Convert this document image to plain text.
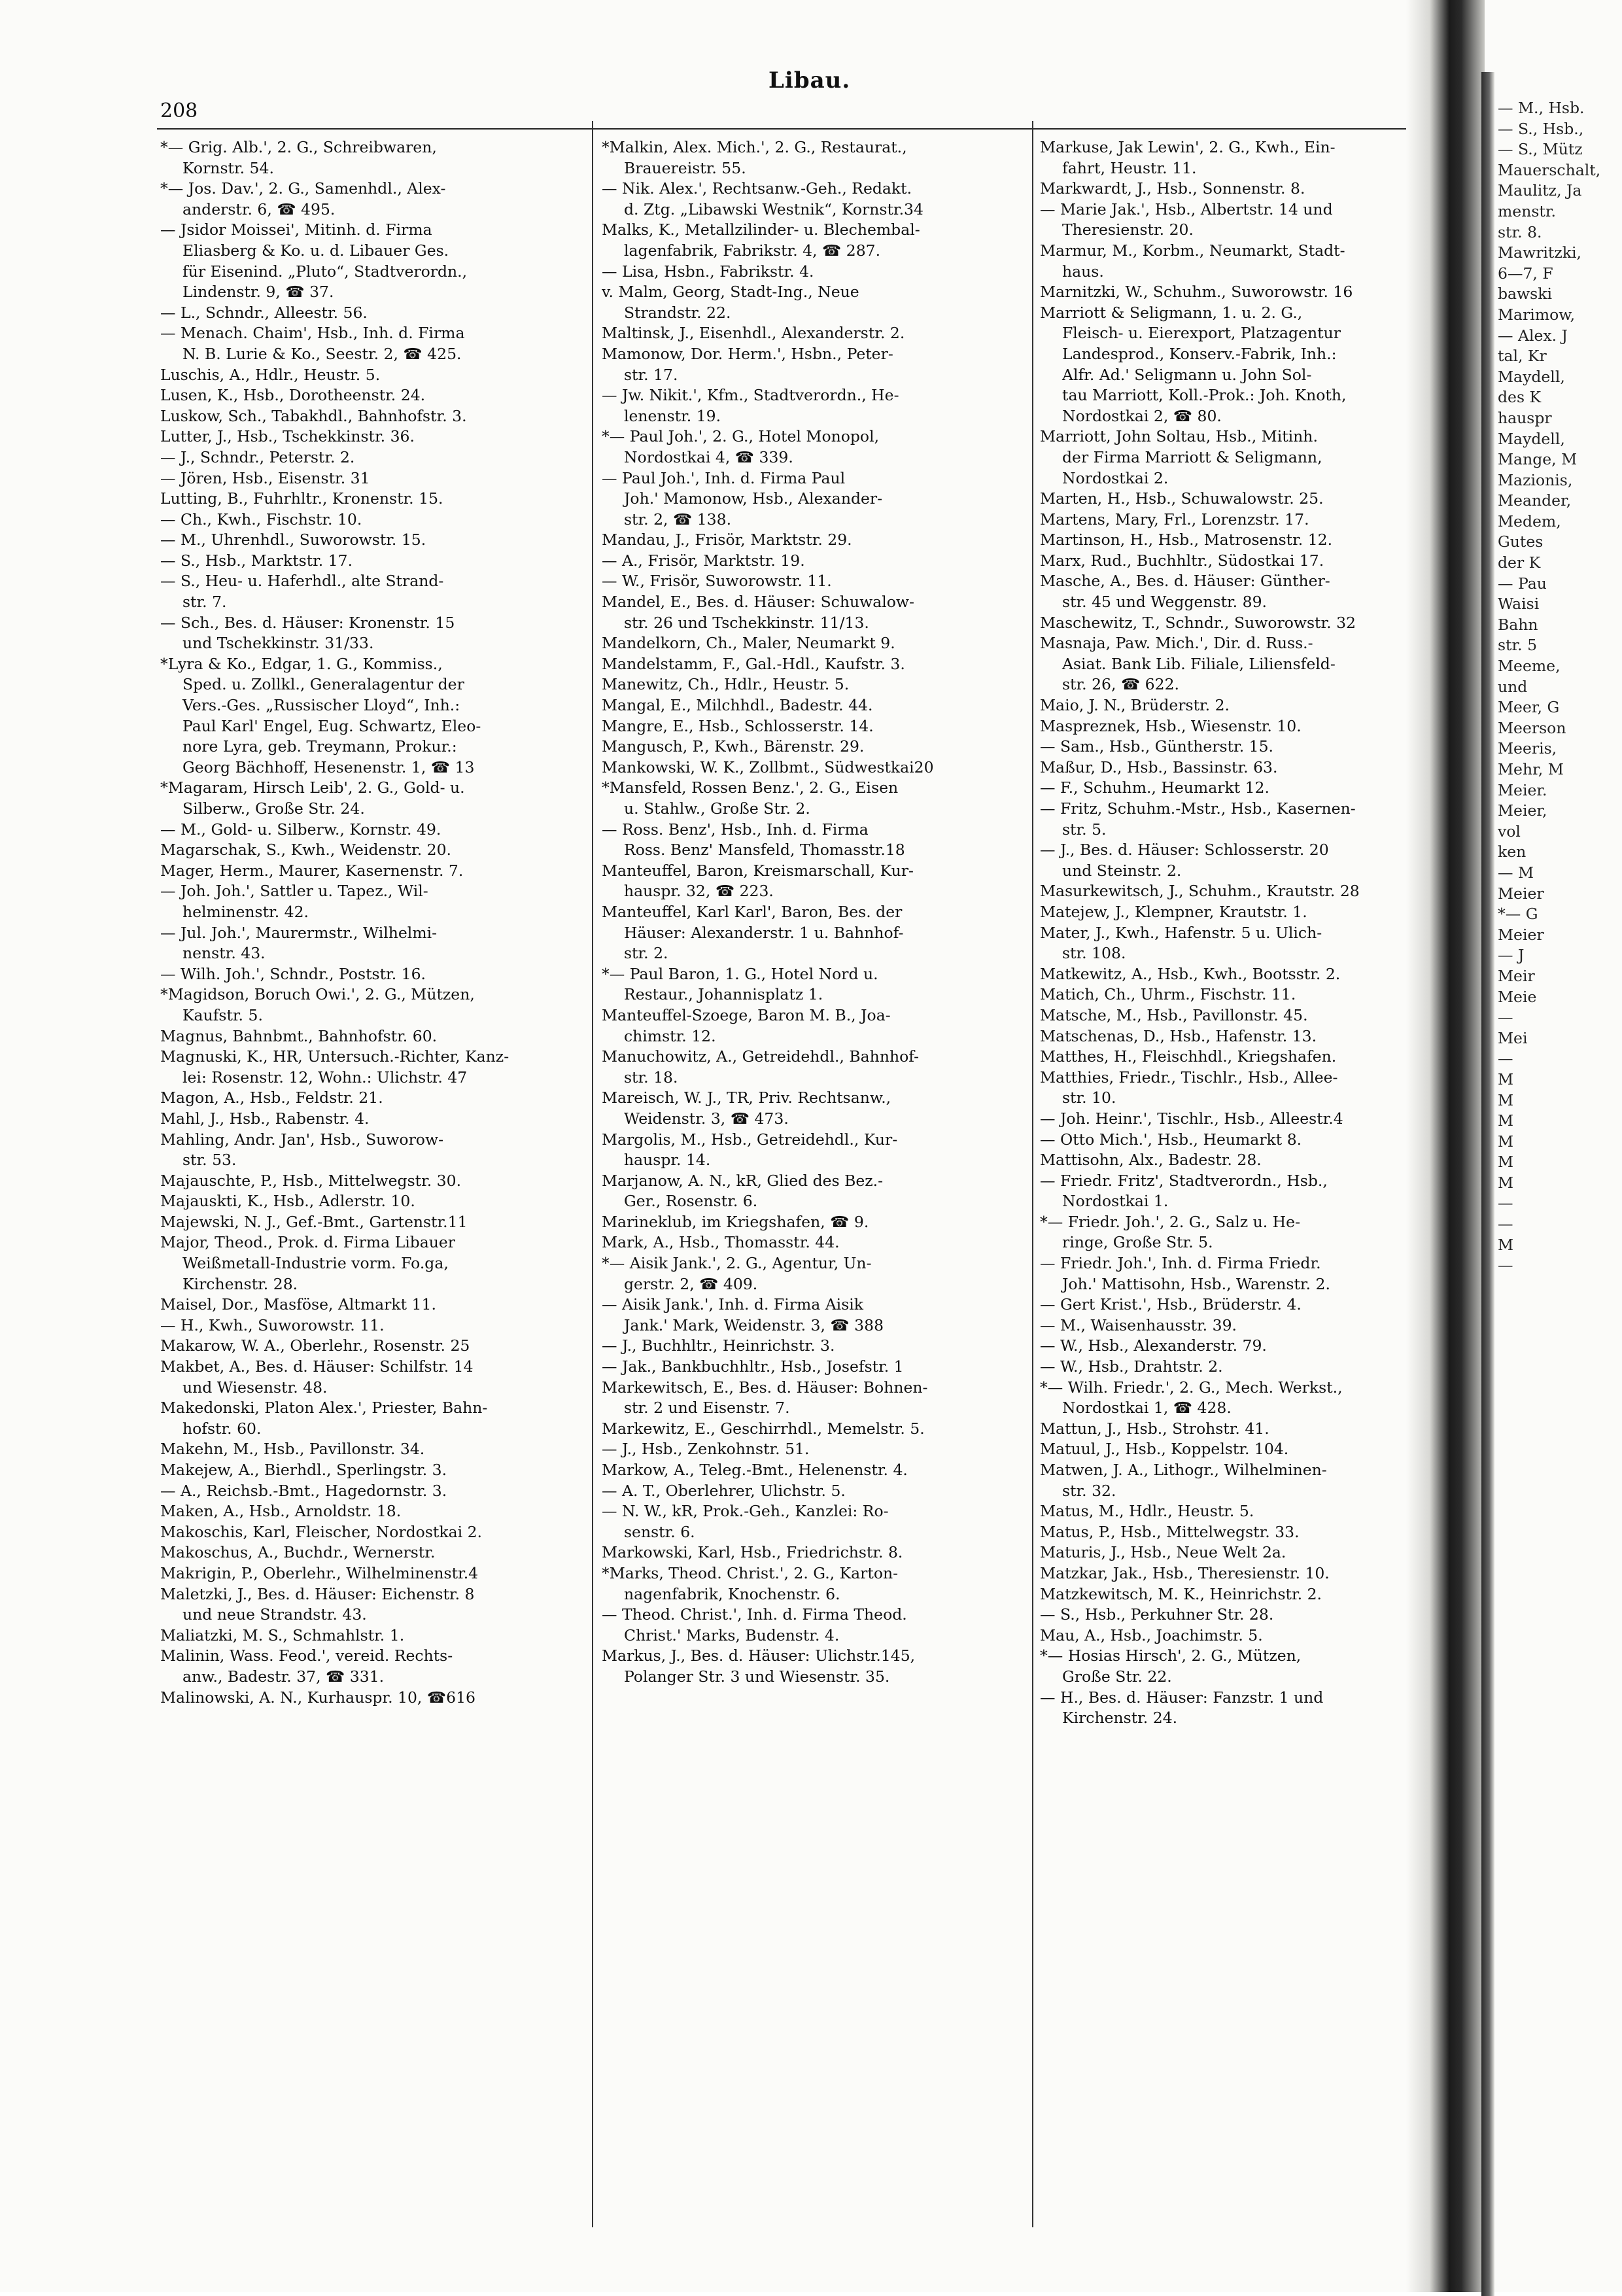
Libau.
208
*— Grig. Alb.', 2. G., Schreibwaren,
Kornstr. 54.
*— Jos. Dav.', 2. G., Samenhdl., Alex-
anderstr. 6, ☎ 495.
— Jsidor Moissei', Mitinh. d. Firma
Eliasberg & Ko. u. d. Libauer Ges.
für Eisenind. „Pluto“, Stadtverordn.,
Lindenstr. 9, ☎ 37.
— L., Schndr., Alleestr. 56.
— Menach. Chaim', Hsb., Inh. d. Firma
N. B. Lurie & Ko., Seestr. 2, ☎ 425.
Luschis, A., Hdlr., Heustr. 5.
Lusen, K., Hsb., Dorotheenstr. 24.
Luskow, Sch., Tabakhdl., Bahnhofstr. 3.
Lutter, J., Hsb., Tschekkinstr. 36.
— J., Schndr., Peterstr. 2.
— Jören, Hsb., Eisenstr. 31
Lutting, B., Fuhrhltr., Kronenstr. 15.
— Ch., Kwh., Fischstr. 10.
— M., Uhrenhdl., Suworowstr. 15.
— S., Hsb., Marktstr. 17.
— S., Heu- u. Haferhdl., alte Strand-
str. 7.
— Sch., Bes. d. Häuser: Kronenstr. 15
und Tschekkinstr. 31/33.
*Lyra & Ko., Edgar, 1. G., Kommiss.,
Sped. u. Zollkl., Generalagentur der
Vers.-Ges. „Russischer Lloyd“, Inh.:
Paul Karl' Engel, Eug. Schwartz, Eleo-
nore Lyra, geb. Treymann, Prokur.:
Georg Bächhoff, Hesenenstr. 1, ☎ 13
*Magaram, Hirsch Leib', 2. G., Gold- u.
Silberw., Große Str. 24.
— M., Gold- u. Silberw., Kornstr. 49.
Magarschak, S., Kwh., Weidenstr. 20.
Mager, Herm., Maurer, Kasernenstr. 7.
— Joh. Joh.', Sattler u. Tapez., Wil-
helminenstr. 42.
— Jul. Joh.', Maurermstr., Wilhelmi-
nenstr. 43.
— Wilh. Joh.', Schndr., Poststr. 16.
*Magidson, Boruch Owi.', 2. G., Mützen,
Kaufstr. 5.
Magnus, Bahnbmt., Bahnhofstr. 60.
Magnuski, K., HR, Untersuch.-Richter, Kanz-
lei: Rosenstr. 12, Wohn.: Ulichstr. 47
Magon, A., Hsb., Feldstr. 21.
Mahl, J., Hsb., Rabenstr. 4.
Mahling, Andr. Jan', Hsb., Suworow-
str. 53.
Majauschte, P., Hsb., Mittelwegstr. 30.
Majauskti, K., Hsb., Adlerstr. 10.
Majewski, N. J., Gef.-Bmt., Gartenstr.11
Major, Theod., Prok. d. Firma Libauer
Weißmetall-Industrie vorm. Fo.ga,
Kirchenstr. 28.
Maisel, Dor., Masföse, Altmarkt 11.
— H., Kwh., Suworowstr. 11.
Makarow, W. A., Oberlehr., Rosenstr. 25
Makbet, A., Bes. d. Häuser: Schilfstr. 14
und Wiesenstr. 48.
Makedonski, Platon Alex.', Priester, Bahn-
hofstr. 60.
Makehn, M., Hsb., Pavillonstr. 34.
Makejew, A., Bierhdl., Sperlingstr. 3.
— A., Reichsb.-Bmt., Hagedornstr. 3.
Maken, A., Hsb., Arnoldstr. 18.
Makoschis, Karl, Fleischer, Nordostkai 2.
Makoschus, A., Buchdr., Wernerstr.
Makrigin, P., Oberlehr., Wilhelminenstr.4
Maletzki, J., Bes. d. Häuser: Eichenstr. 8
und neue Strandstr. 43.
Maliatzki, M. S., Schmahlstr. 1.
Malinin, Wass. Feod.', vereid. Rechts-
anw., Badestr. 37, ☎ 331.
Malinowski, A. N., Kurhauspr. 10, ☎616
*Malkin, Alex. Mich.', 2. G., Restaurat.,
Brauereistr. 55.
— Nik. Alex.', Rechtsanw.-Geh., Redakt.
d. Ztg. „Libawski Westnik“, Kornstr.34
Malks, K., Metallzilinder- u. Blechembal-
lagenfabrik, Fabrikstr. 4, ☎ 287.
— Lisa, Hsbn., Fabrikstr. 4.
v. Malm, Georg, Stadt-Ing., Neue
Strandstr. 22.
Maltinsk, J., Eisenhdl., Alexanderstr. 2.
Mamonow, Dor. Herm.', Hsbn., Peter-
str. 17.
— Jw. Nikit.', Kfm., Stadtverordn., He-
lenenstr. 19.
*— Paul Joh.', 2. G., Hotel Monopol,
Nordostkai 4, ☎ 339.
— Paul Joh.', Inh. d. Firma Paul
Joh.' Mamonow, Hsb., Alexander-
str. 2, ☎ 138.
Mandau, J., Frisör, Marktstr. 29.
— A., Frisör, Marktstr. 19.
— W., Frisör, Suworowstr. 11.
Mandel, E., Bes. d. Häuser: Schuwalow-
str. 26 und Tschekkinstr. 11/13.
Mandelkorn, Ch., Maler, Neumarkt 9.
Mandelstamm, F., Gal.-Hdl., Kaufstr. 3.
Manewitz, Ch., Hdlr., Heustr. 5.
Mangal, E., Milchhdl., Badestr. 44.
Mangre, E., Hsb., Schlosserstr. 14.
Mangusch, P., Kwh., Bärenstr. 29.
Mankowski, W. K., Zollbmt., Südwestkai20
*Mansfeld, Rossen Benz.', 2. G., Eisen
u. Stahlw., Große Str. 2.
— Ross. Benz', Hsb., Inh. d. Firma
Ross. Benz' Mansfeld, Thomasstr.18
Manteuffel, Baron, Kreismarschall, Kur-
hauspr. 32, ☎ 223.
Manteuffel, Karl Karl', Baron, Bes. der
Häuser: Alexanderstr. 1 u. Bahnhof-
str. 2.
*— Paul Baron, 1. G., Hotel Nord u.
Restaur., Johannisplatz 1.
Manteuffel-Szoege, Baron M. B., Joa-
chimstr. 12.
Manuchowitz, A., Getreidehdl., Bahnhof-
str. 18.
Mareisch, W. J., TR, Priv. Rechtsanw.,
Weidenstr. 3, ☎ 473.
Margolis, M., Hsb., Getreidehdl., Kur-
hauspr. 14.
Marjanow, A. N., kR, Glied des Bez.-
Ger., Rosenstr. 6.
Marineklub, im Kriegshafen, ☎ 9.
Mark, A., Hsb., Thomasstr. 44.
*— Aisik Jank.', 2. G., Agentur, Un-
gerstr. 2, ☎ 409.
— Aisik Jank.', Inh. d. Firma Aisik
Jank.' Mark, Weidenstr. 3, ☎ 388
— J., Buchhltr., Heinrichstr. 3.
— Jak., Bankbuchhltr., Hsb., Josefstr. 1
Markewitsch, E., Bes. d. Häuser: Bohnen-
str. 2 und Eisenstr. 7.
Markewitz, E., Geschirrhdl., Memelstr. 5.
— J., Hsb., Zenkohnstr. 51.
Markow, A., Teleg.-Bmt., Helenenstr. 4.
— A. T., Oberlehrer, Ulichstr. 5.
— N. W., kR, Prok.-Geh., Kanzlei: Ro-
senstr. 6.
Markowski, Karl, Hsb., Friedrichstr. 8.
*Marks, Theod. Christ.', 2. G., Karton-
nagenfabrik, Knochenstr. 6.
— Theod. Christ.', Inh. d. Firma Theod.
Christ.' Marks, Budenstr. 4.
Markus, J., Bes. d. Häuser: Ulichstr.145,
Polanger Str. 3 und Wiesenstr. 35.
Markuse, Jak Lewin', 2. G., Kwh., Ein-
fahrt, Heustr. 11.
Markwardt, J., Hsb., Sonnenstr. 8.
— Marie Jak.', Hsb., Albertstr. 14 und
Theresienstr. 20.
Marmur, M., Korbm., Neumarkt, Stadt-
haus.
Marnitzki, W., Schuhm., Suworowstr. 16
Marriott & Seligmann, 1. u. 2. G.,
Fleisch- u. Eierexport, Platzagentur
Landesprod., Konserv.-Fabrik, Inh.:
Alfr. Ad.' Seligmann u. John Sol-
tau Marriott, Koll.-Prok.: Joh. Knoth,
Nordostkai 2, ☎ 80.
Marriott, John Soltau, Hsb., Mitinh.
der Firma Marriott & Seligmann,
Nordostkai 2.
Marten, H., Hsb., Schuwalowstr. 25.
Martens, Mary, Frl., Lorenzstr. 17.
Martinson, H., Hsb., Matrosenstr. 12.
Marx, Rud., Buchhltr., Südostkai 17.
Masche, A., Bes. d. Häuser: Günther-
str. 45 und Weggenstr. 89.
Maschewitz, T., Schndr., Suworowstr. 32
Masnaja, Paw. Mich.', Dir. d. Russ.-
Asiat. Bank Lib. Filiale, Liliensfeld-
str. 26, ☎ 622.
Maio, J. N., Brüderstr. 2.
Maspreznek, Hsb., Wiesenstr. 10.
— Sam., Hsb., Güntherstr. 15.
Maßur, D., Hsb., Bassinstr. 63.
— F., Schuhm., Heumarkt 12.
— Fritz, Schuhm.-Mstr., Hsb., Kasernen-
str. 5.
— J., Bes. d. Häuser: Schlosserstr. 20
und Steinstr. 2.
Masurkewitsch, J., Schuhm., Krautstr. 28
Matejew, J., Klempner, Krautstr. 1.
Mater, J., Kwh., Hafenstr. 5 u. Ulich-
str. 108.
Matkewitz, A., Hsb., Kwh., Bootsstr. 2.
Matich, Ch., Uhrm., Fischstr. 11.
Matsche, M., Hsb., Pavillonstr. 45.
Matschenas, D., Hsb., Hafenstr. 13.
Matthes, H., Fleischhdl., Kriegshafen.
Matthies, Friedr., Tischlr., Hsb., Allee-
str. 10.
— Joh. Heinr.', Tischlr., Hsb., Alleestr.4
— Otto Mich.', Hsb., Heumarkt 8.
Mattisohn, Alx., Badestr. 28.
— Friedr. Fritz', Stadtverordn., Hsb.,
Nordostkai 1.
*— Friedr. Joh.', 2. G., Salz u. He-
ringe, Große Str. 5.
— Friedr. Joh.', Inh. d. Firma Friedr.
Joh.' Mattisohn, Hsb., Warenstr. 2.
— Gert Krist.', Hsb., Brüderstr. 4.
— M., Waisenhausstr. 39.
— W., Hsb., Alexanderstr. 79.
— W., Hsb., Drahtstr. 2.
*— Wilh. Friedr.', 2. G., Mech. Werkst.,
Nordostkai 1, ☎ 428.
Mattun, J., Hsb., Strohstr. 41.
Matuul, J., Hsb., Koppelstr. 104.
Matwen, J. A., Lithogr., Wilhelminen-
str. 32.
Matus, M., Hdlr., Heustr. 5.
Matus, P., Hsb., Mittelwegstr. 33.
Maturis, J., Hsb., Neue Welt 2a.
Matzkar, Jak., Hsb., Theresienstr. 10.
Matzkewitsch, M. K., Heinrichstr. 2.
— S., Hsb., Perkuhner Str. 28.
Mau, A., Hsb., Joachimstr. 5.
*— Hosias Hirsch', 2. G., Mützen,
Große Str. 22.
— H., Bes. d. Häuser: Fanzstr. 1 und
Kirchenstr. 24.
— M., Hsb.
— S., Hsb.,
— S., Mütz
Mauerschalt,
Maulitz, Ja
menstr.
str. 8.
Mawritzki,
6—7, F
bawski
Marimow,
— Alex. J
tal, Kr
Maydell,
des K
hauspr
Maydell,
Mange, M
Mazionis,
Meander,
Medem,
Gutes
der K
— Pau
Waisi
Bahn
str. 5
Meeme,
und
Meer, G
Meerson
Meeris,
Mehr, M
Meier.
Meier,
vol
ken
— M
Meier
*— G
Meier
— J
Meir
Meie
—
Mei
—
M
M
M
M
M
M
—
—
M
—
